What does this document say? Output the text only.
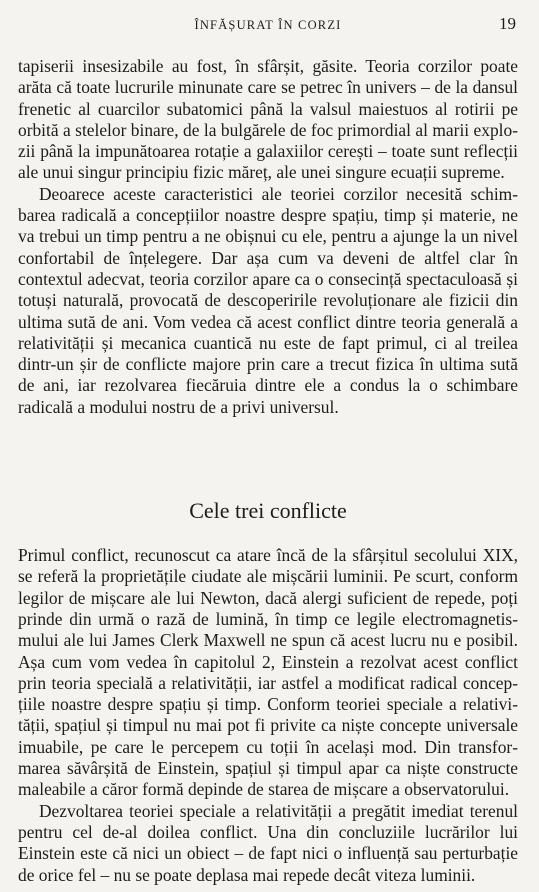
ÎNFĂȘURAT ÎN CORZI	19

tapiserii insesizabile au fost, în sfârșit, găsite. Teoria corzilor poate arăta că toate lucrurile minunate care se petrec în univers – de la dansul frenetic al cuarcilor subatomici până la valsul maiestuos al rotirii pe orbită a stelelor binare, de la bulgărele de foc primordial al marii explozii până la impunătoarea rotație a galaxiilor cerești – toate sunt reflecții ale unui singur principiu fizic măreț, ale unei singure ecuații supreme.

Deoarece aceste caracteristici ale teoriei corzilor necesită schimbarea radicală a concepțiilor noastre despre spațiu, timp și materie, ne va trebui un timp pentru a ne obișnui cu ele, pentru a ajunge la un nivel confortabil de înțelegere. Dar așa cum va deveni de altfel clar în contextul adecvat, teoria corzilor apare ca o consecință spectaculoasă și totuși naturală, provocată de descoperirile revoluționare ale fizicii din ultima sută de ani. Vom vedea că acest conflict dintre teoria generală a relativității și mecanica cuantică nu este de fapt primul, ci al treilea dintr-un șir de conflicte majore prin care a trecut fizica în ultima sută de ani, iar rezolvarea fiecăruia dintre ele a condus la o schimbare radicală a modului nostru de a privi universul.

Cele trei conflicte

Primul conflict, recunoscut ca atare încă de la sfârșitul secolului XIX, se referă la proprietățile ciudate ale mișcării luminii. Pe scurt, conform legilor de mișcare ale lui Newton, dacă alergi suficient de repede, poți prinde din urmă o rază de lumină, în timp ce legile electromagnetismului ale lui James Clerk Maxwell ne spun că acest lucru nu e posibil. Așa cum vom vedea în capitolul 2, Einstein a rezolvat acest conflict prin teoria specială a relativității, iar astfel a modificat radical concepțiile noastre despre spațiu și timp. Conform teoriei speciale a relativității, spațiul și timpul nu mai pot fi privite ca niște concepte universale imuabile, pe care le percepem cu toții în același mod. Din transformarea săvârșită de Einstein, spațiul și timpul apar ca niște constructe maleabile a căror formă depinde de starea de mișcare a observatorului.

Dezvoltarea teoriei speciale a relativității a pregătit imediat terenul pentru cel de-al doilea conflict. Una din concluziile lucrărilor lui Einstein este că nici un obiect – de fapt nici o influență sau perturbație de orice fel – nu se poate deplasa mai repede decât viteza luminii.
